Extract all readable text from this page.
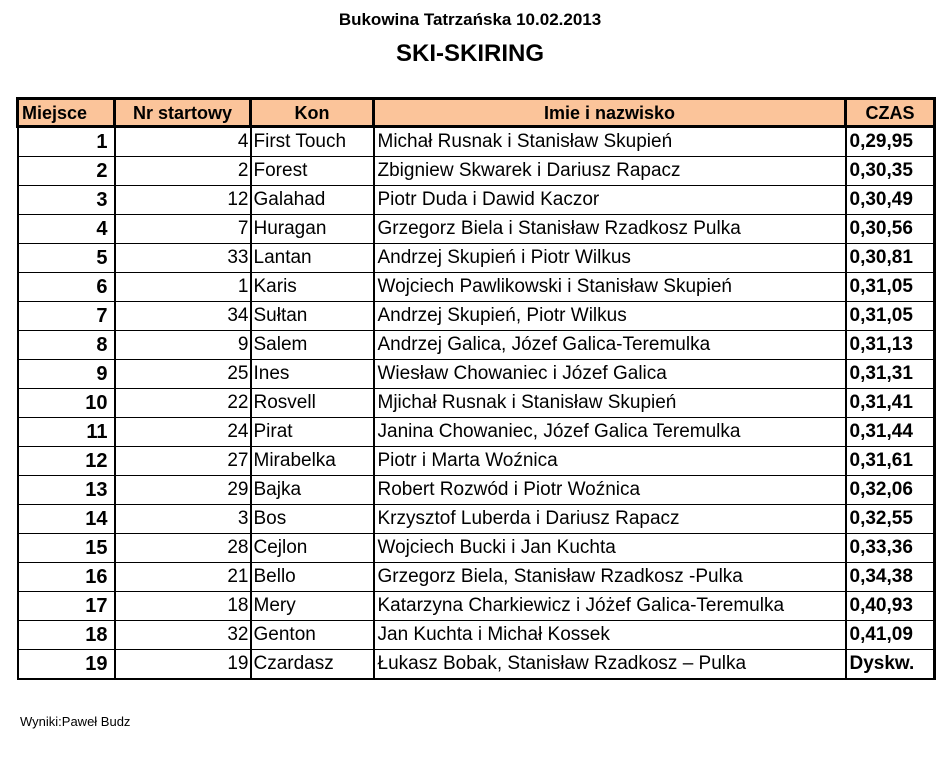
Bukowina Tatrzańska 10.02.2013
SKI-SKIRING
Miejsce	Nr startowy	Kon	Imie i nazwisko	CZAS
1	4	First Touch	Michał Rusnak i Stanisław Skupień	0,29,95
2	2	Forest	Zbigniew Skwarek i Dariusz Rapacz	0,30,35
3	12	Galahad	Piotr Duda i Dawid Kaczor	0,30,49
4	7	Huragan	Grzegorz Biela i Stanisław Rzadkosz Pulka	0,30,56
5	33	Lantan	Andrzej Skupień i Piotr Wilkus	0,30,81
6	1	Karis	Wojciech Pawlikowski i Stanisław Skupień	0,31,05
7	34	Sułtan	Andrzej Skupień, Piotr Wilkus	0,31,05
8	9	Salem	Andrzej Galica, Józef Galica-Teremulka	0,31,13
9	25	Ines	Wiesław Chowaniec i Józef Galica	0,31,31
10	22	Rosvell	Mjichał Rusnak i Stanisław Skupień	0,31,41
11	24	Pirat	Janina Chowaniec, Józef Galica Teremulka	0,31,44
12	27	Mirabelka	Piotr i Marta Woźnica	0,31,61
13	29	Bajka	Robert Rozwód i Piotr Woźnica	0,32,06
14	3	Bos	Krzysztof Luberda i Dariusz Rapacz	0,32,55
15	28	Cejlon	Wojciech Bucki i Jan Kuchta	0,33,36
16	21	Bello	Grzegorz Biela, Stanisław Rzadkosz -Pulka	0,34,38
17	18	Mery	Katarzyna Charkiewicz i Jóżef Galica-Teremulka	0,40,93
18	32	Genton	Jan Kuchta i Michał Kossek	0,41,09
19	19	Czardasz	Łukasz Bobak, Stanisław Rzadkosz – Pulka	Dyskw.

Wyniki:Paweł Budz
